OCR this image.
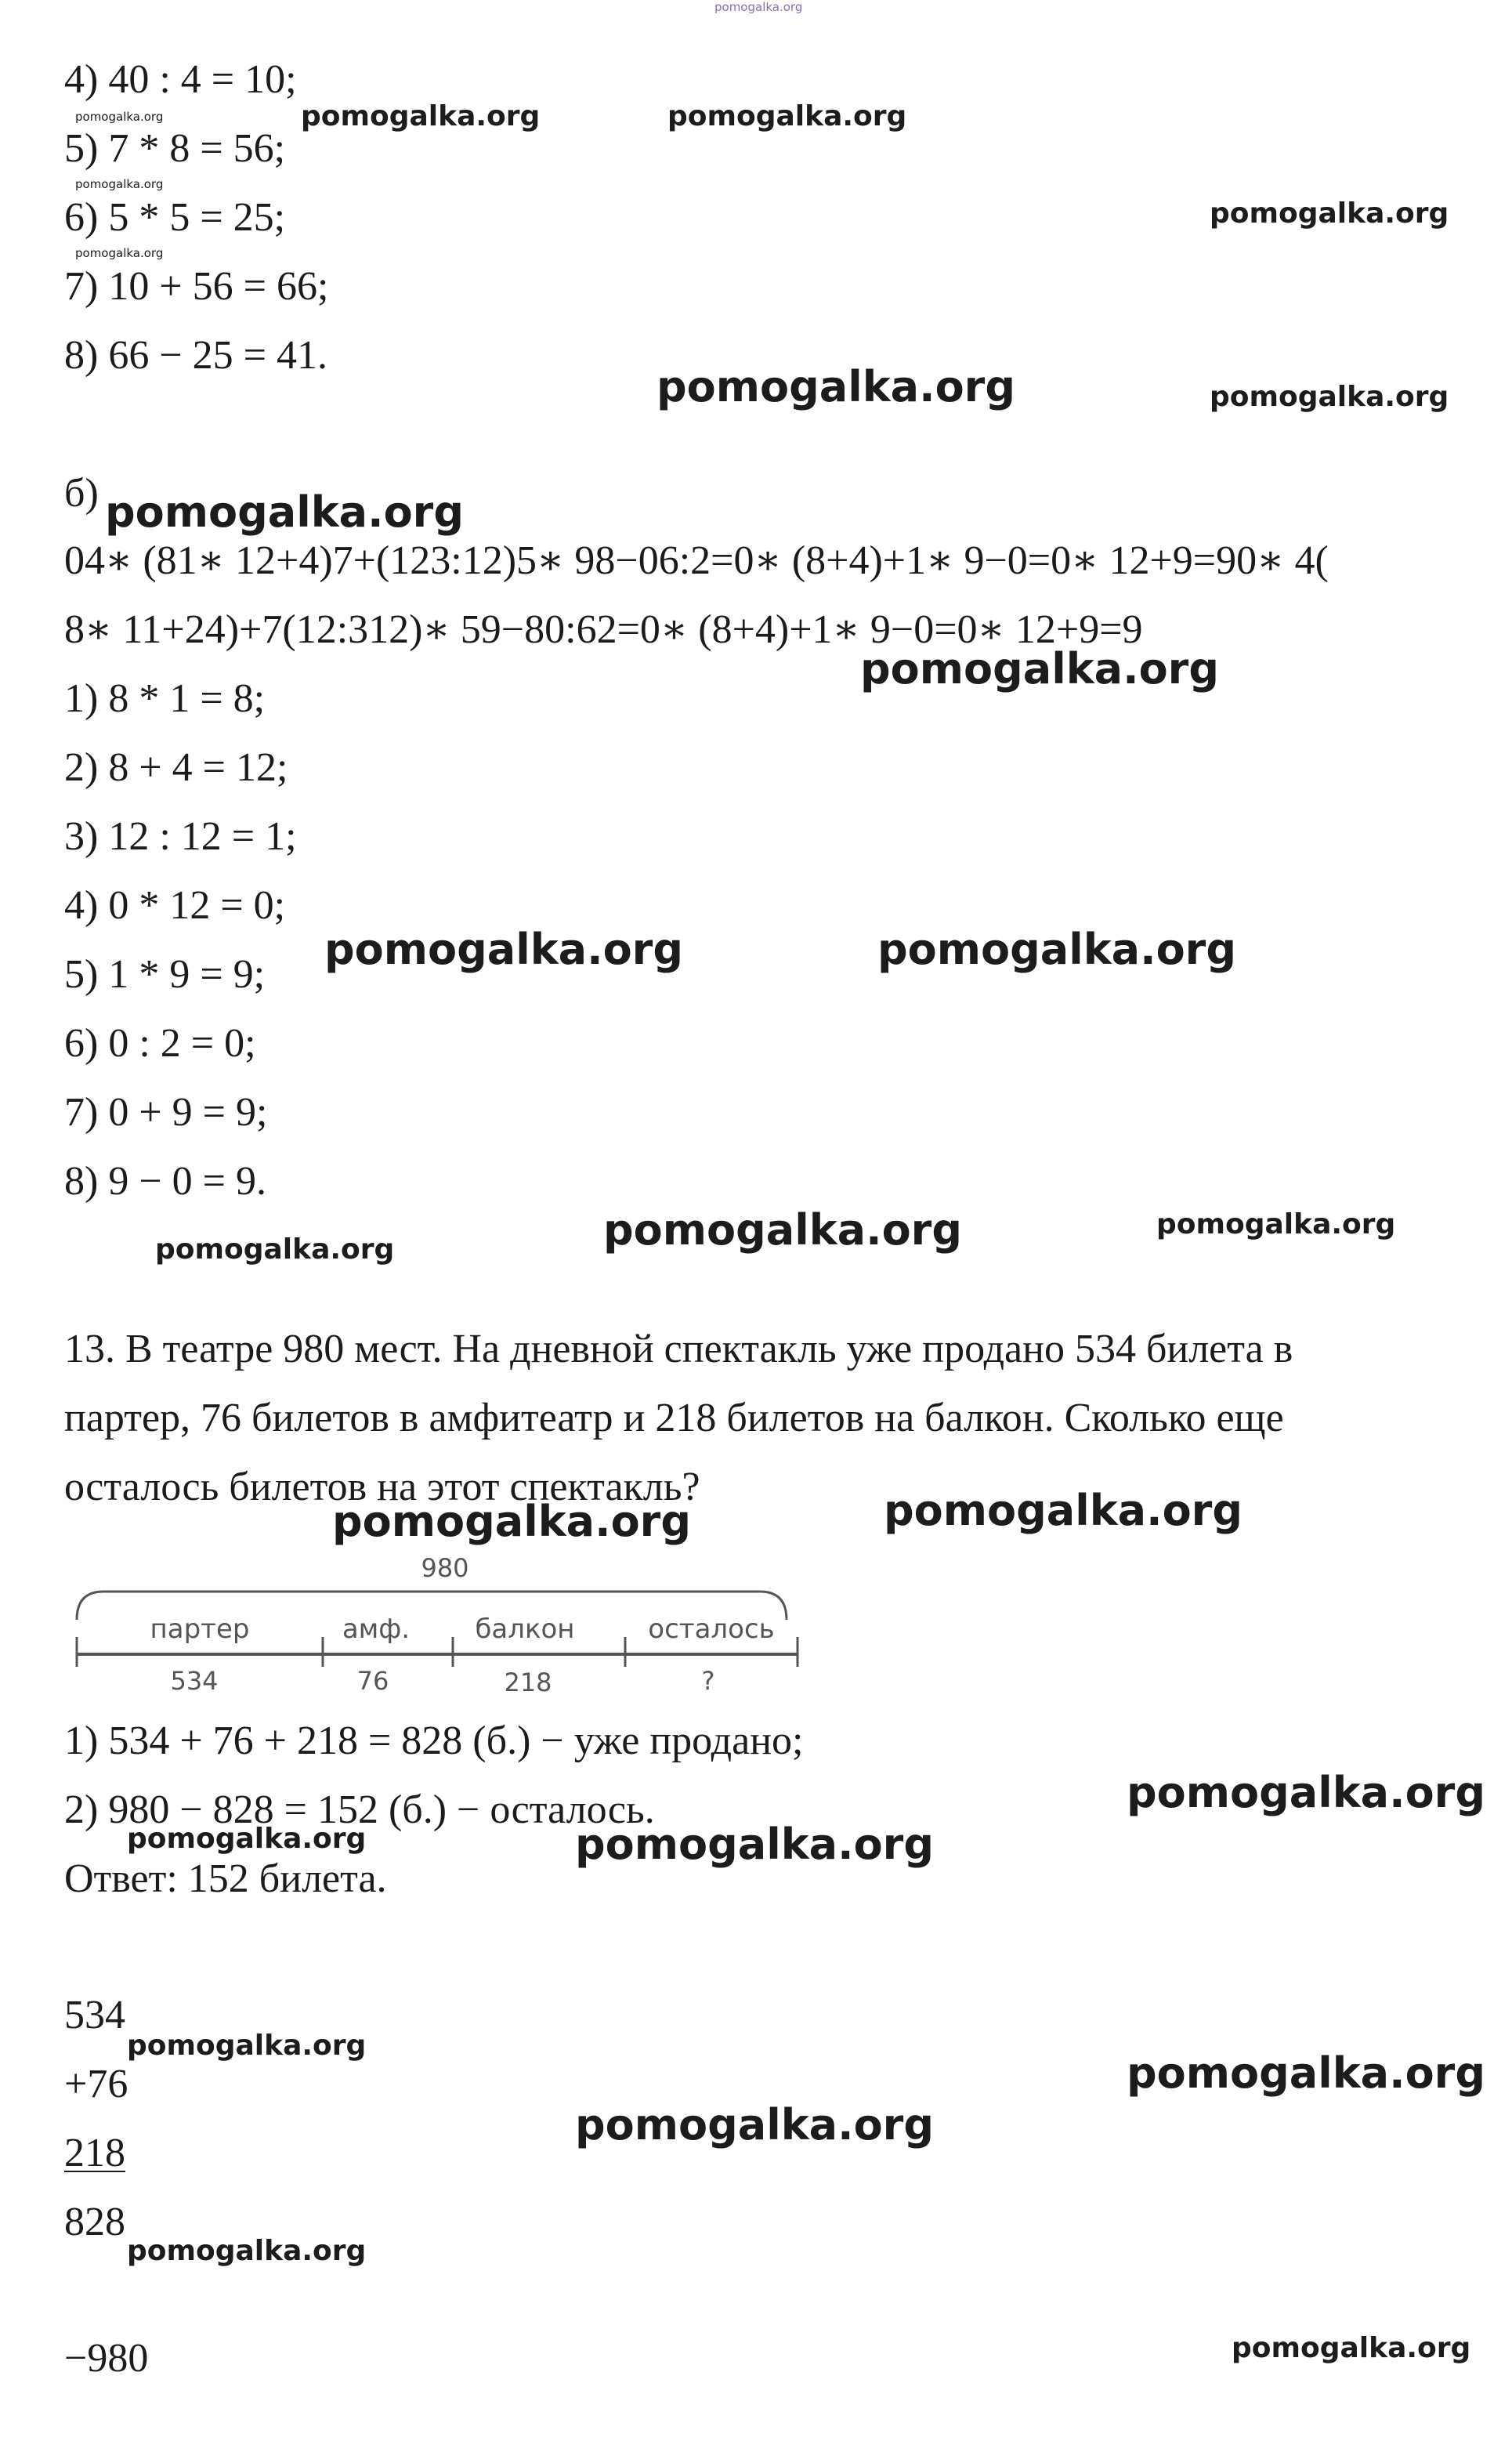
pomogalka.org
4) 40 : 4 = 10;
5) 7 * 8 = 56;
6) 5 * 5 = 25;
7) 10 + 56 = 66;
8) 66 − 25 = 41.
б)
04∗ (81∗ 12+4)7+(123:12)5∗ 98−06:2=0∗ (8+4)+1∗ 9−0=0∗ 12+9=90∗ 4(
8∗ 11+24)+7(12:312)∗ 59−80:62=0∗ (8+4)+1∗ 9−0=0∗ 12+9=9
1) 8 * 1 = 8;
2) 8 + 4 = 12;
3) 12 : 12 = 1;
4) 0 * 12 = 0;
5) 1 * 9 = 9;
6) 0 : 2 = 0;
7) 0 + 9 = 9;
8) 9 − 0 = 9.
13. В театре 980 мест. На дневной спектакль уже продано 534 билета в
партер, 76 билетов в амфитеатр и 218 билетов на балкон. Сколько еще
осталось билетов на этот спектакль?
980
партер	амф. балкон	осталось
534	76	218	?
1) 534 + 76 + 218 = 828 (б.) − уже продано;
2) 980 − 828 = 152 (б.) − осталось.
Ответ: 152 билета.
534
+76
218
828
−980
pomogalka.org	pomogalka.org	pomogalka.org
pomogalka.org
pomogalka.org
pomogalka.org
pomogalka.org	pomogalka.org
pomogalka.org
pomogalka.org
pomogalka.org	pomogalka.org
pomogalka.org	pomogalka.org
pomogalka.org
pomogalka.org	pomogalka.org
pomogalka.org
pomogalka.org	pomogalka.org
pomogalka.org
pomogalka.org
pomogalka.org
pomogalka.org
pomogalka.org
